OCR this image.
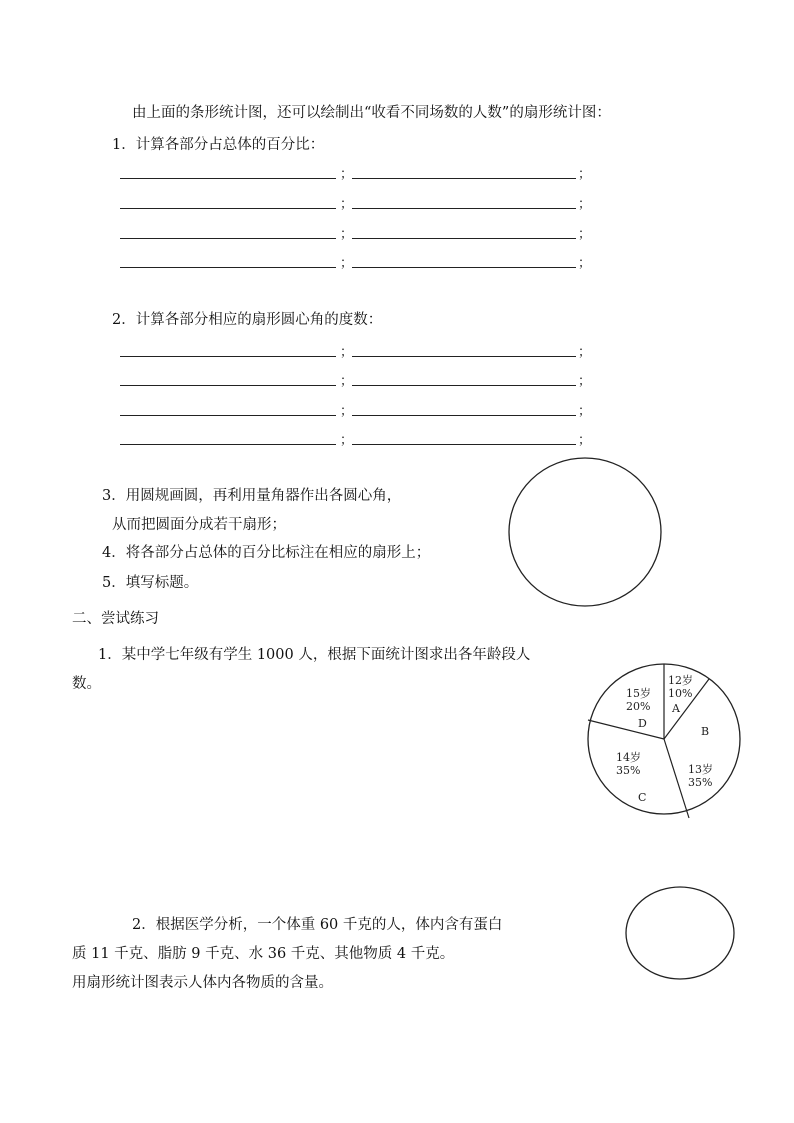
由上面的条形统计图，还可以绘制出“收看不同场数的人数”的扇形统计图：
1．计算各部分占总体的百分比：
；	；
；	；
；	；
；	；
2．计算各部分相应的扇形圆心角的度数：
；	；
；	；
；	；
；	；
3．用圆规画圆，再利用量角器作出各圆心角，
从而把圆面分成若干扇形；
4．将各部分占总体的百分比标注在相应的扇形上；
5．填写标题。
二、尝试练习
1．某中学七年级有学生 1000 人，根据下面统计图求出各年龄段人
数。	12岁
10%
A
B
13岁
35%
14岁
35%
C
15岁
20%
D
2．根据医学分析，一个体重 60 千克的人，体内含有蛋白
质 11 千克、脂肪 9 千克、水 36 千克、其他物质 4 千克。
用扇形统计图表示人体内各物质的含量。
